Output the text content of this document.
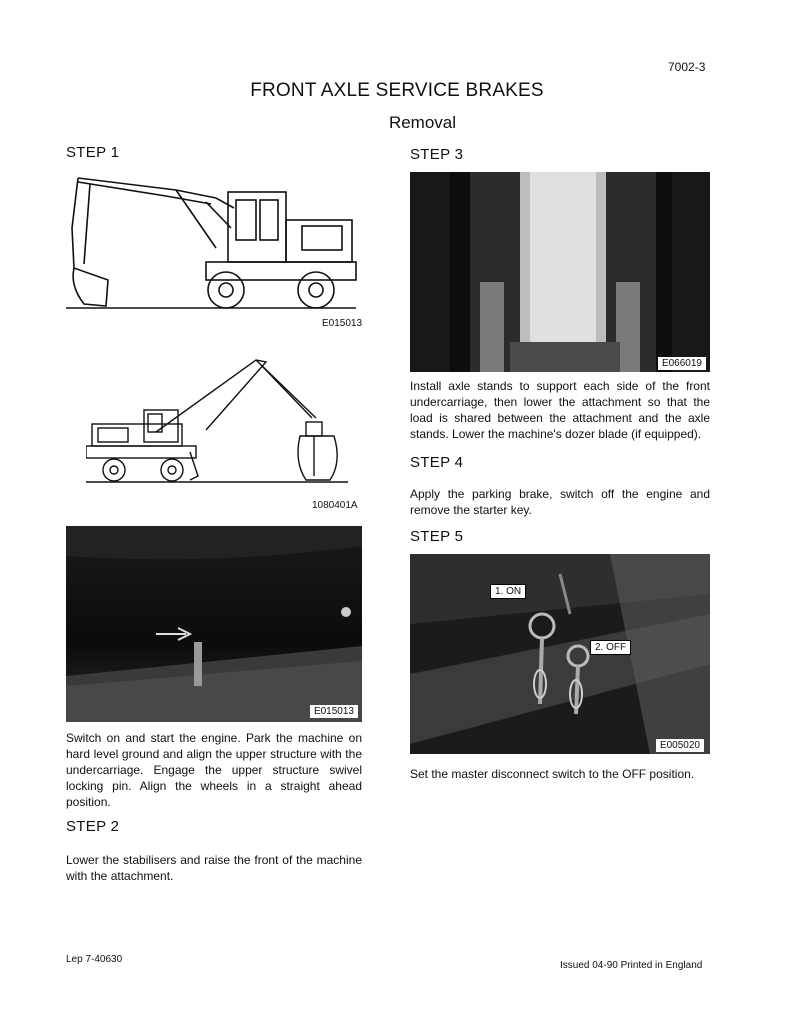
7002-3
FRONT AXLE SERVICE BRAKES
Removal
STEP 1
E015013
1080401A
E015013
Switch on and start the engine. Park the machine on hard level ground and align the upper structure with the undercarriage. Engage the upper structure swivel locking pin. Align the wheels in a straight ahead position.
STEP 2
Lower the stabilisers and raise the front of the machine with the attachment.
STEP 3
E066019
Install axle stands to support each side of the front undercarriage, then lower the attachment so that the load is shared between the attachment and the axle stands. Lower the machine's dozer blade (if equipped).
STEP 4
Apply the parking brake, switch off the engine and remove the starter key.
STEP 5
1. ON
2. OFF
E005020
Set the master disconnect switch to the OFF position.
Lep 7-40630
Issued 04-90 Printed in England
